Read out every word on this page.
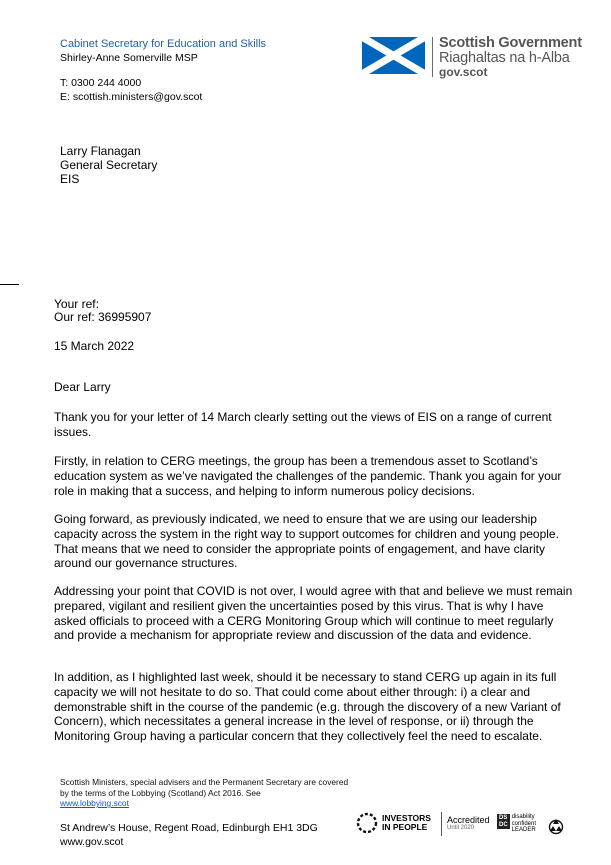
Cabinet Secretary for Education and Skills
Shirley-Anne Somerville MSP
T: 0300 244 4000
E: scottish.ministers@gov.scot
Scottish Government
Riaghaltas na h-Alba
gov.scot
Larry Flanagan
General Secretary
EIS
Your ref:
Our ref: 36995907
15 March 2022
Dear Larry

Thank you for your letter of 14 March clearly setting out the views of EIS on a range of current issues.

Firstly, in relation to CERG meetings, the group has been a tremendous asset to Scotland’s education system as we’ve navigated the challenges of the pandemic. Thank you again for your role in making that a success, and helping to inform numerous policy decisions.

Going forward, as previously indicated, we need to ensure that we are using our leadership capacity across the system in the right way to support outcomes for children and young people. That means that we need to consider the appropriate points of engagement, and have clarity around our governance structures.

Addressing your point that COVID is not over, I would agree with that and believe we must remain prepared, vigilant and resilient given the uncertainties posed by this virus. That is why I have asked officials to proceed with a CERG Monitoring Group which will continue to meet regularly and provide a mechanism for appropriate review and discussion of the data and evidence.

In addition, as I highlighted last week, should it be necessary to stand CERG up again in its full capacity we will not hesitate to do so. That could come about either through: i) a clear and demonstrable shift in the course of the pandemic (e.g. through the discovery of a new Variant of Concern), which necessitates a general increase in the level of response, or ii) through the Monitoring Group having a particular concern that they collectively feel the need to escalate.

Scottish Ministers, special advisers and the Permanent Secretary are covered by the terms of the Lobbying (Scotland) Act 2016. See
www.lobbying.scot
St Andrew’s House, Regent Road, Edinburgh EH1 3DG
www.gov.scot
INVESTORS
IN PEOPLE
Accredited
Until 2020
DS
DC
disability
confident
LEADER
